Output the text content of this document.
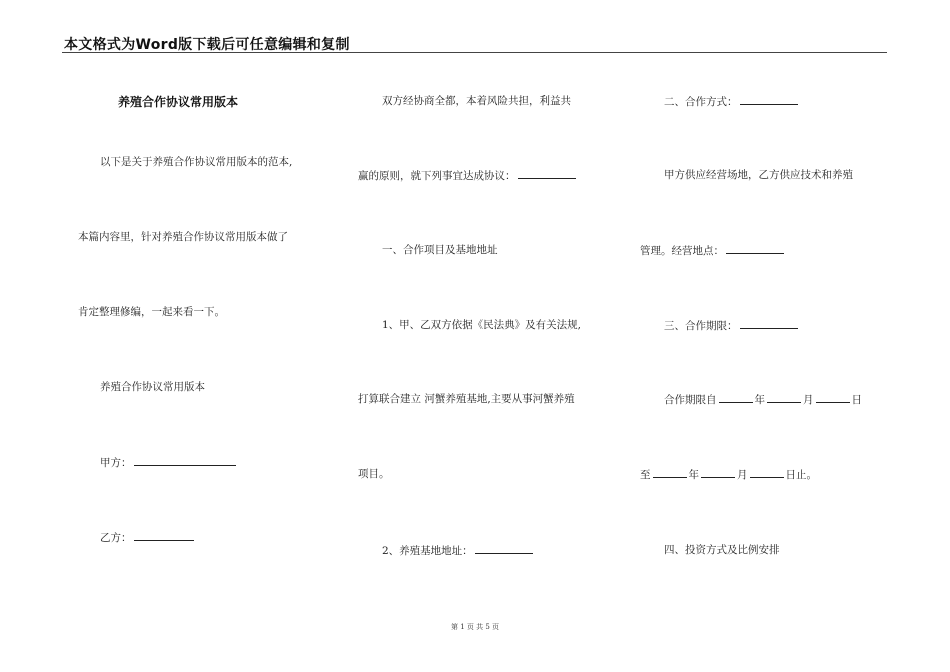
本文格式为Word版下载后可任意编辑和复制
养殖合作协议常用版本
以下是关于养殖合作协议常用版本的范本,
本篇内容里，针对养殖合作协议常用版本做了
肯定整理修编，一起来看一下。
养殖合作协议常用版本
甲方：
乙方：
双方经协商全都，本着风险共担，利益共
赢的原则，就下列事宜达成协议：
一、合作项目及基地地址
1、甲、乙双方依据《民法典》及有关法规,
打算联合建立 河蟹养殖基地,主要从事河蟹养殖
项目。
2、养殖基地地址：
二、合作方式：
甲方供应经营场地，乙方供应技术和养殖
管理。经营地点：
三、合作期限：
合作期限自	年	月	日
至	年	月	日止。
四、投资方式及比例安排
第 1 页 共 5 页
